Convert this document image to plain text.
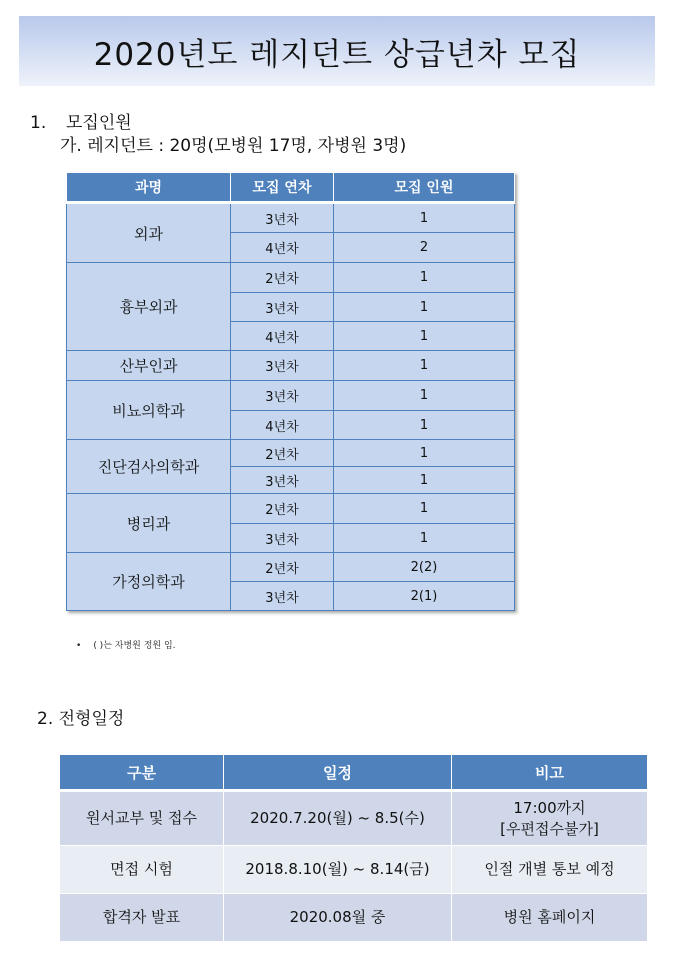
2020년도 레지던트 상급년차 모집
1. 모집인원
가. 레지던트 : 20명(모병원 17명, 자병원 3명)
과명	모집 연차	모집 인원
외과	3년차	1
	4년차	2
흉부외과	2년차	1
	3년차	1
	4년차	1
산부인과	3년차	1
비뇨의학과	3년차	1
	4년차	1
진단검사의학과	2년차	1
	3년차	1
병리과	2년차	1
	3년차	1
가정의학과	2년차	2(2)
	3년차	2(1)
• ( )는 자병원 정원 임.
2. 전형일정
구분	일정	비고
원서교부 및 접수	2020.7.20(월) ~ 8.5(수)	17:00까지
[우편접수불가]

면접 시험	2018.8.10(월) ~ 8.14(금)	인절 개별 통보 예정
합격자 발표	2020.08월 중	병원 홈페이지
